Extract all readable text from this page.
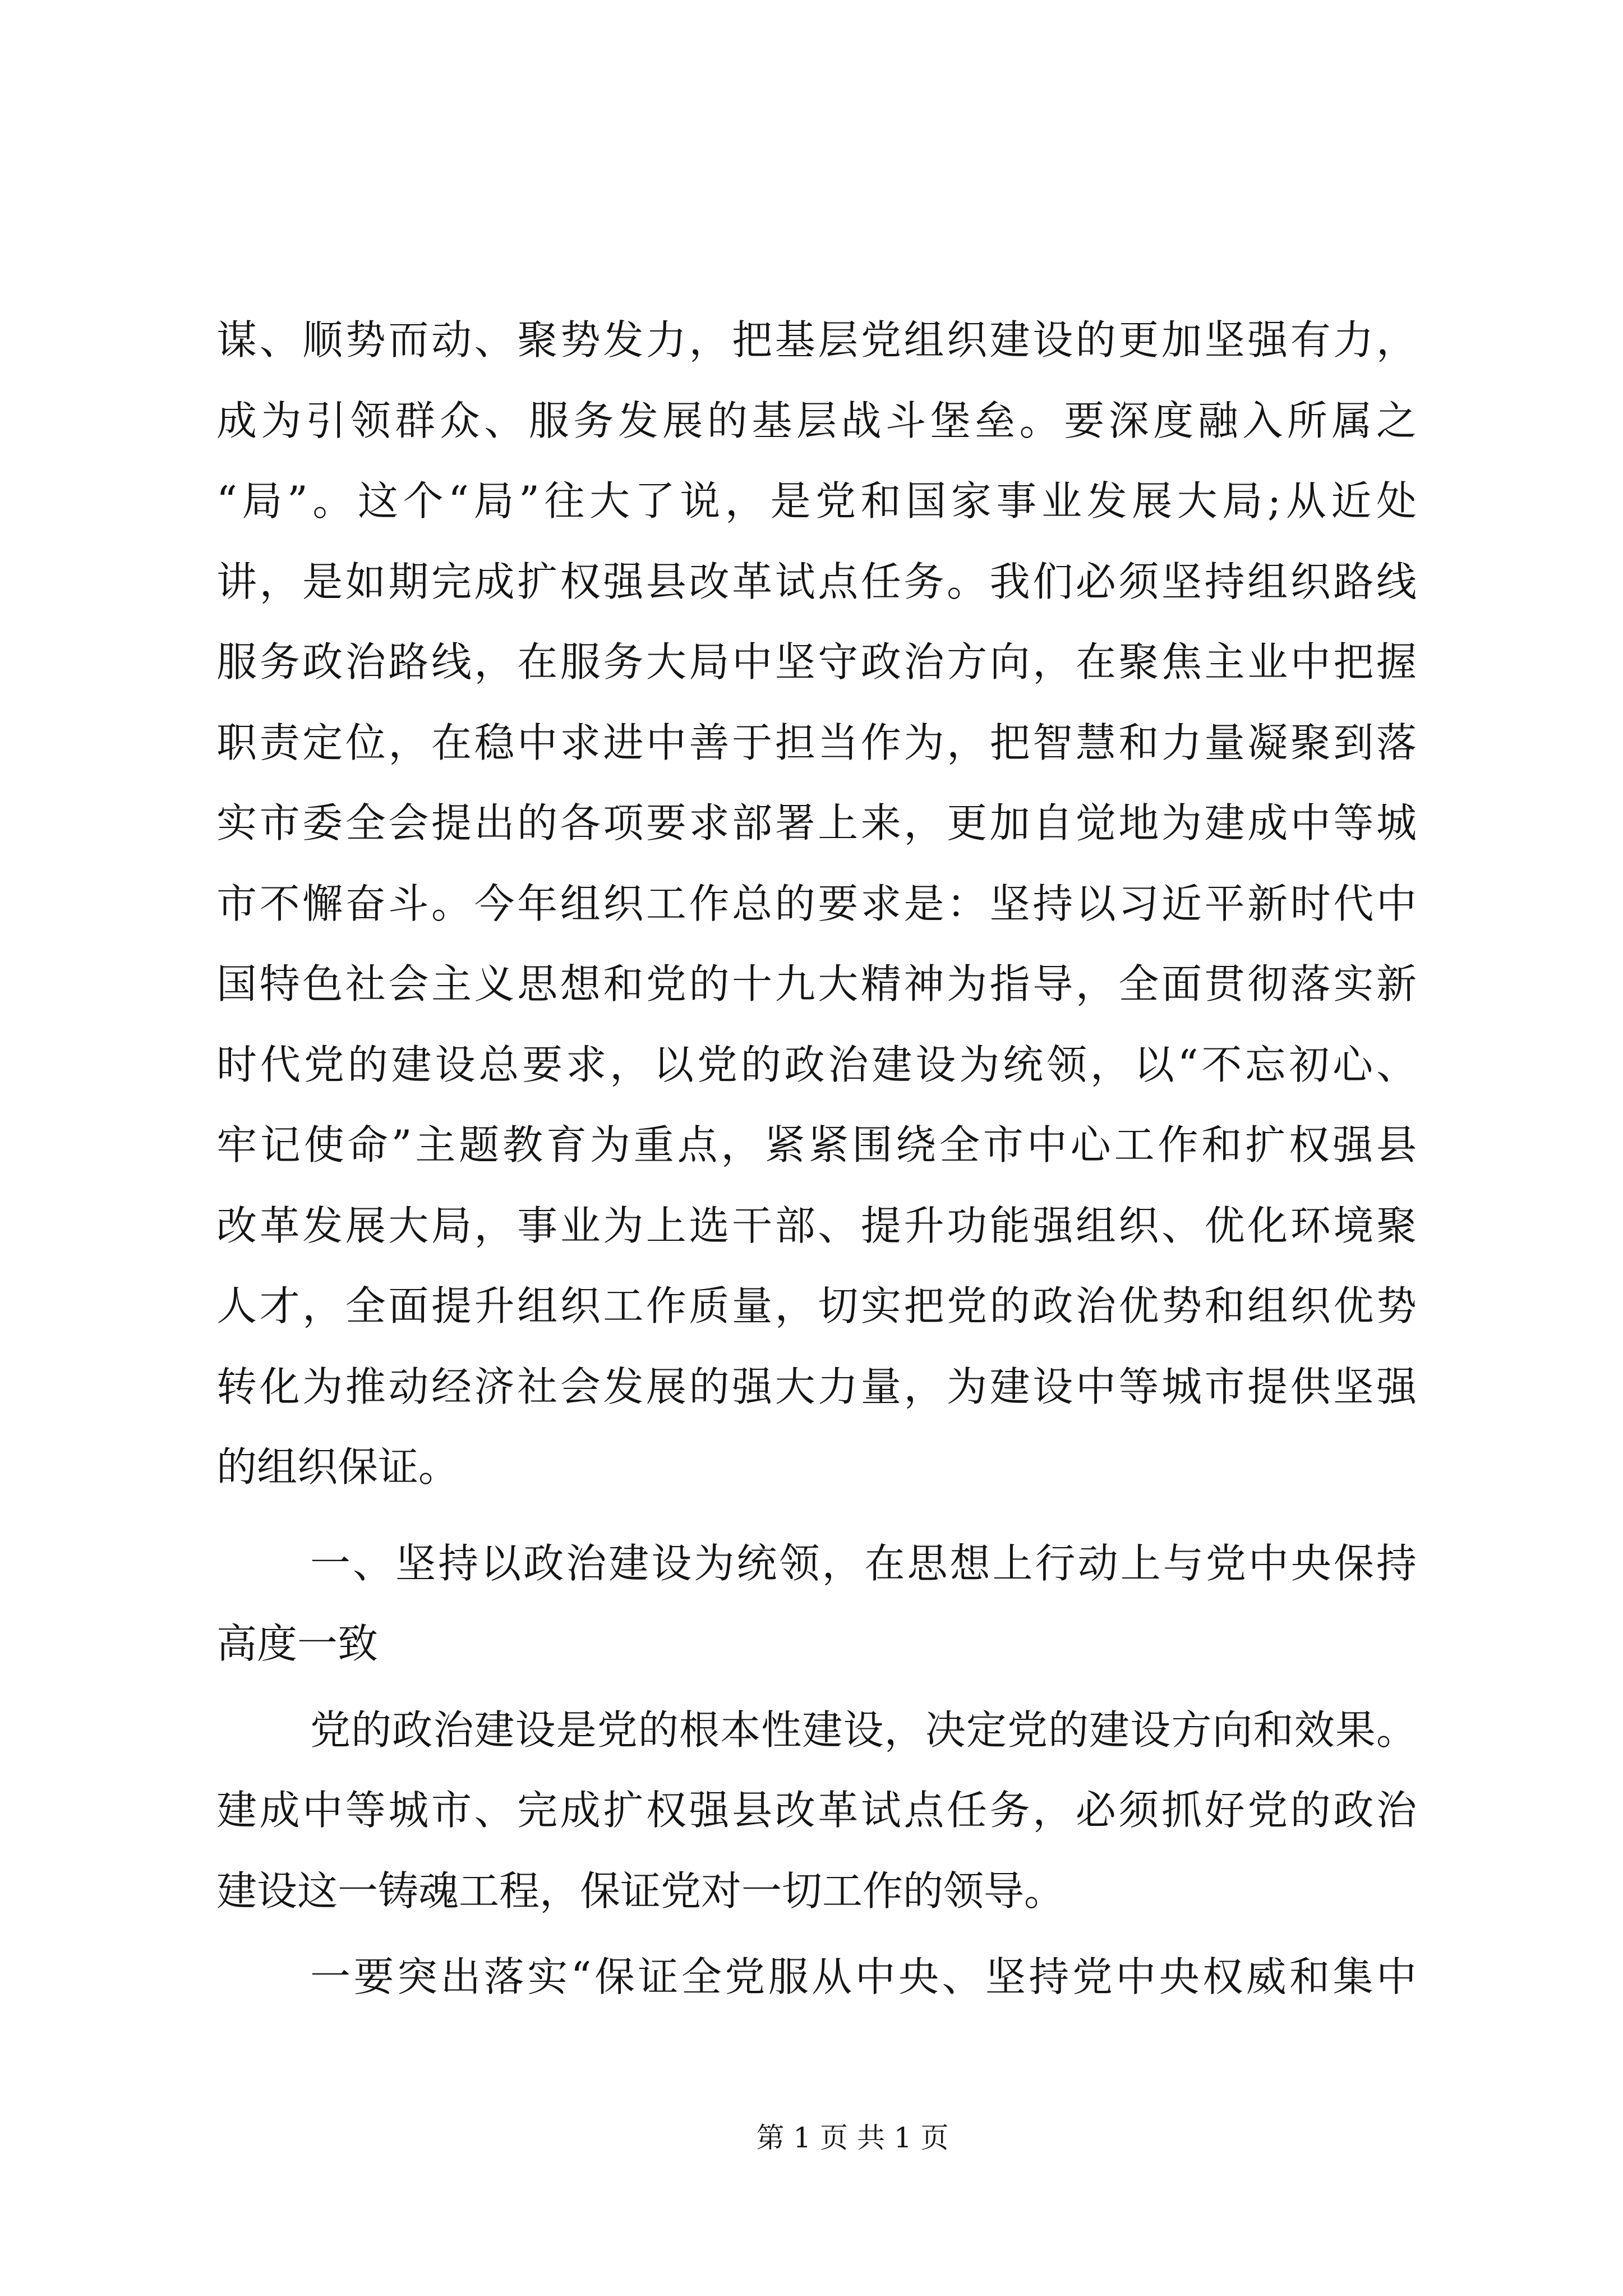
谋、顺势而动、聚势发力，把基层党组织建设的更加坚强有力，
成为引领群众、服务发展的基层战斗堡垒。要深度融入所属之
“局”。这个“局”往大了说，是党和国家事业发展大局;从近处
讲，是如期完成扩权强县改革试点任务。我们必须坚持组织路线
服务政治路线，在服务大局中坚守政治方向，在聚焦主业中把握
职责定位，在稳中求进中善于担当作为，把智慧和力量凝聚到落
实市委全会提出的各项要求部署上来，更加自觉地为建成中等城
市不懈奋斗。今年组织工作总的要求是：坚持以习近平新时代中
国特色社会主义思想和党的十九大精神为指导，全面贯彻落实新
时代党的建设总要求，以党的政治建设为统领，以“不忘初心、
牢记使命”主题教育为重点，紧紧围绕全市中心工作和扩权强县
改革发展大局，事业为上选干部、提升功能强组织、优化环境聚
人才，全面提升组织工作质量，切实把党的政治优势和组织优势
转化为推动经济社会发展的强大力量，为建设中等城市提供坚强
的组织保证。
一、坚持以政治建设为统领，在思想上行动上与党中央保持
高度一致
党的政治建设是党的根本性建设，决定党的建设方向和效果。
建成中等城市、完成扩权强县改革试点任务，必须抓好党的政治
建设这一铸魂工程，保证党对一切工作的领导。
一要突出落实“保证全党服从中央、坚持党中央权威和集中
第 1 页 共 1 页
